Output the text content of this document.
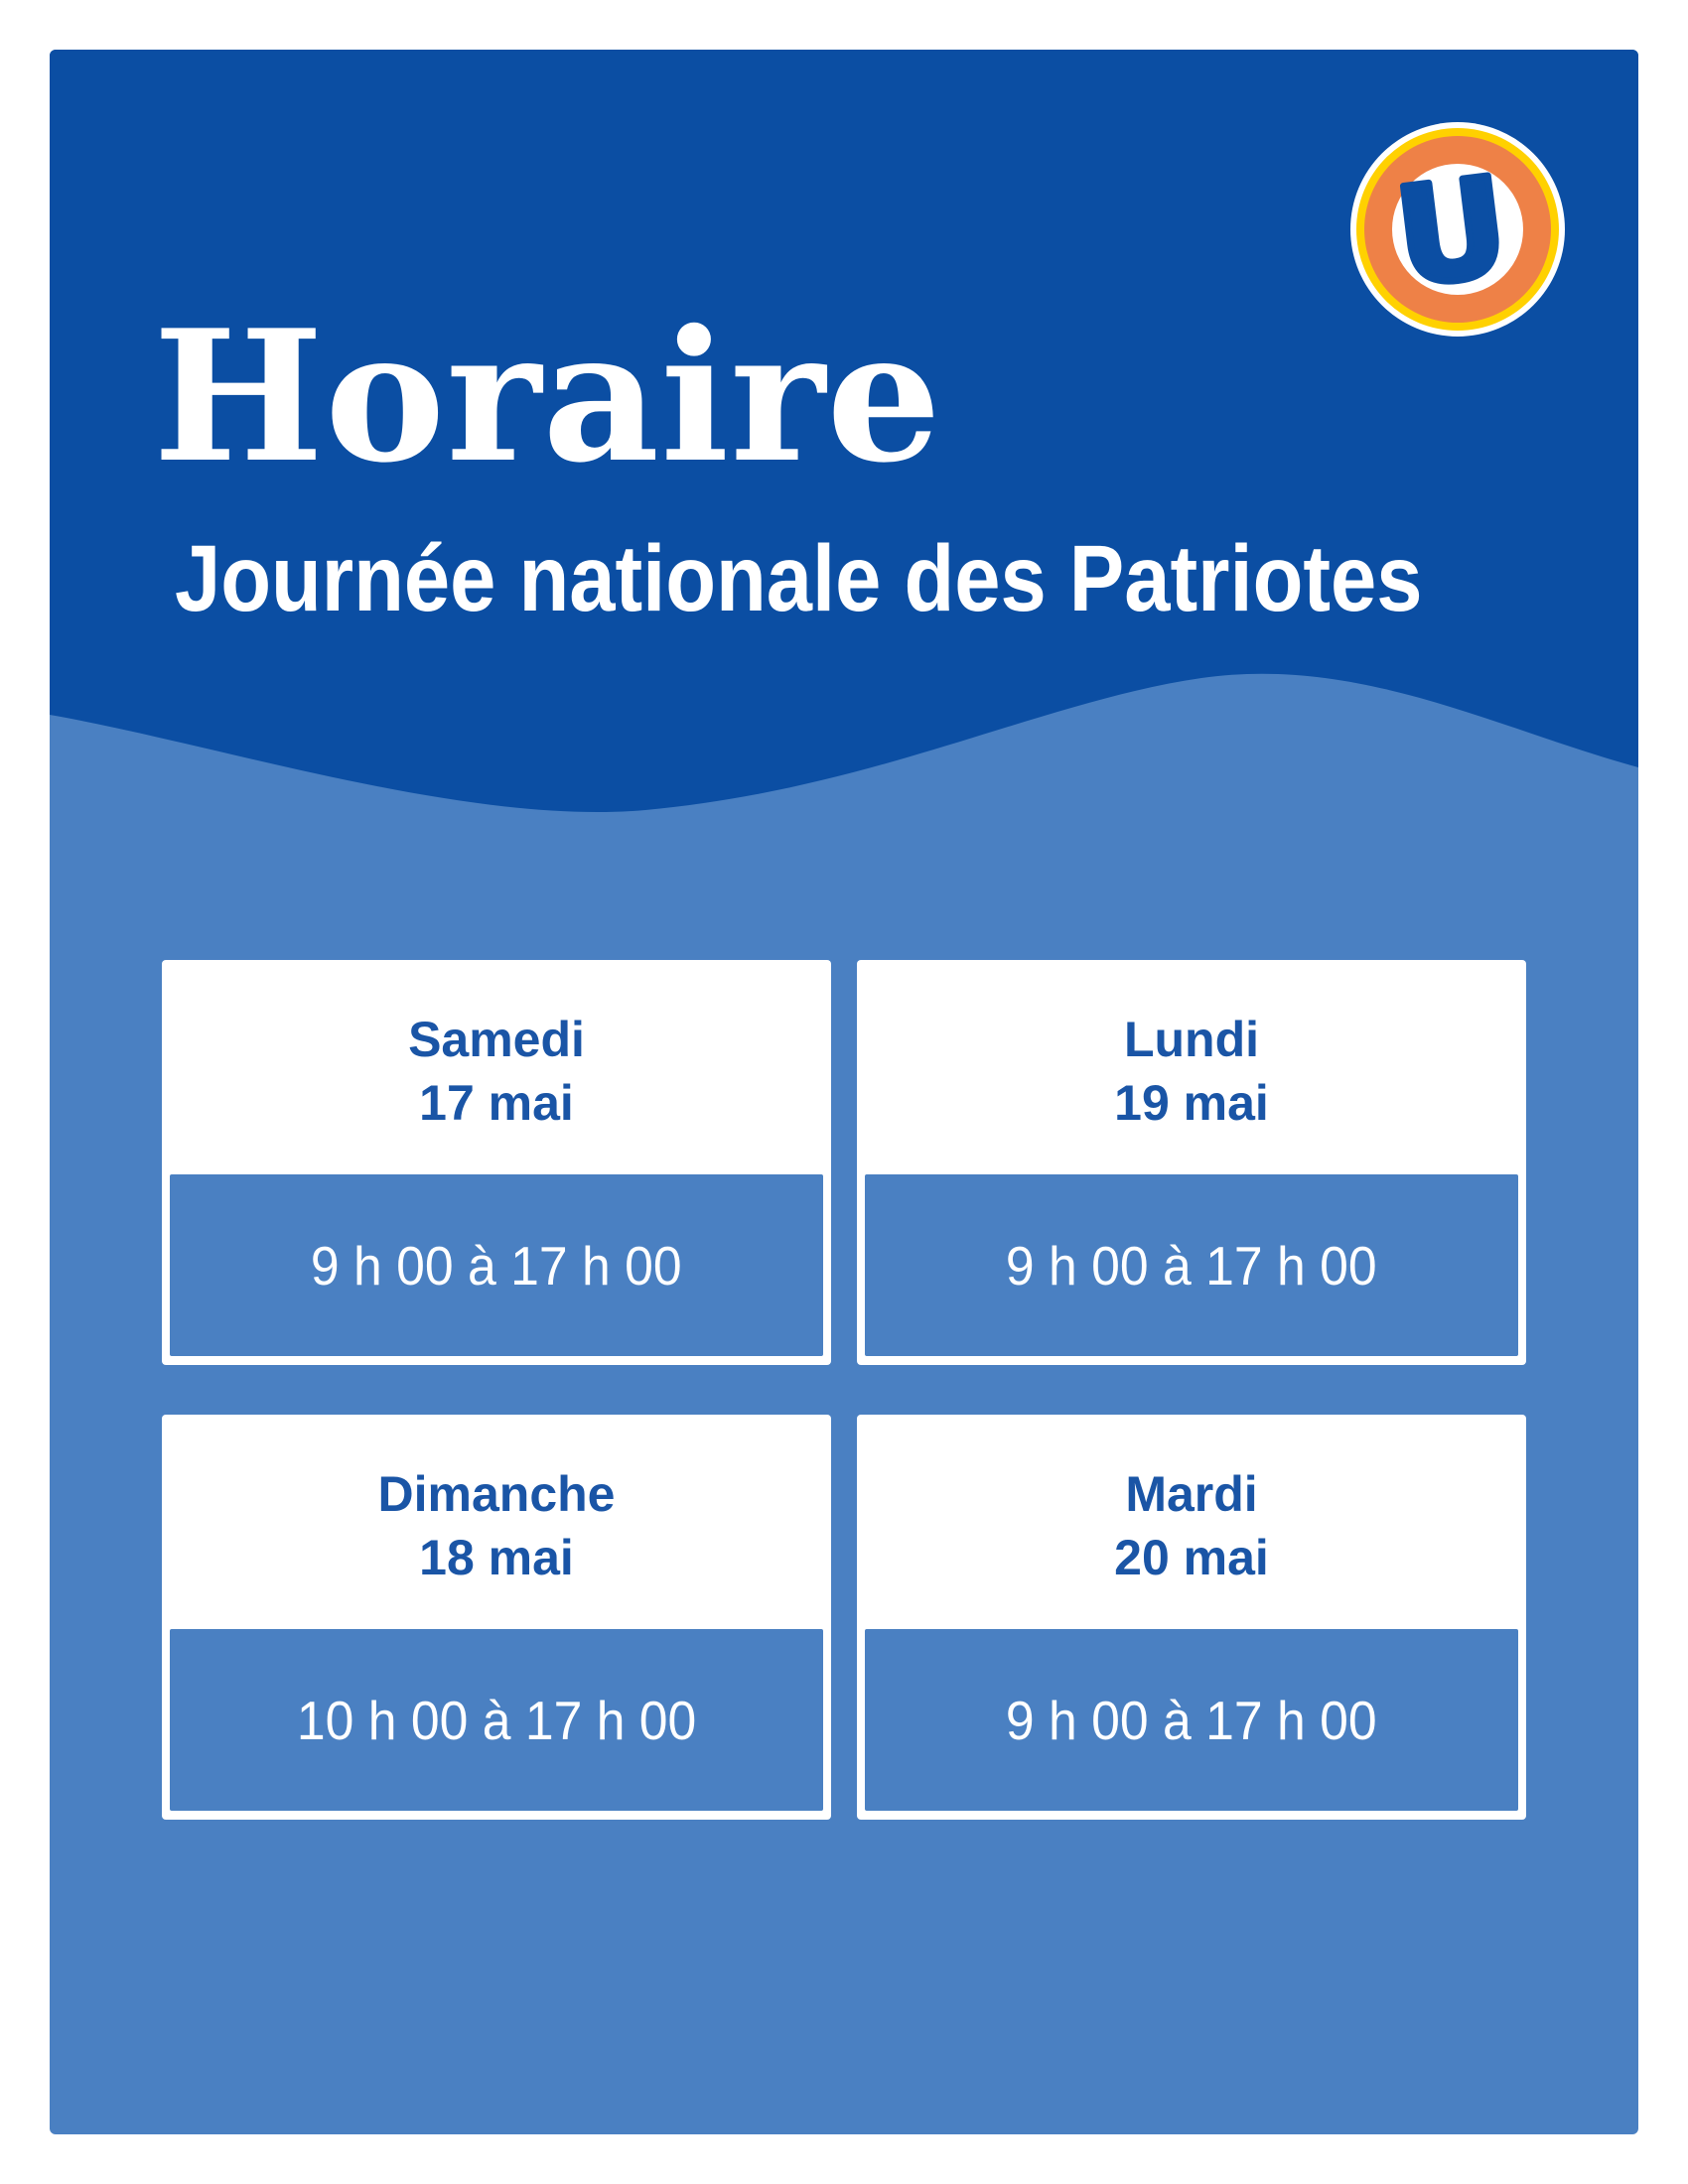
Horaire
Journée nationale des Patriotes
U
Samedi
17 mai
9 h 00 à 17 h 00
Lundi
19 mai
9 h 00 à 17 h 00
Dimanche
18 mai
10 h 00 à 17 h 00
Mardi
20 mai
9 h 00 à 17 h 00
